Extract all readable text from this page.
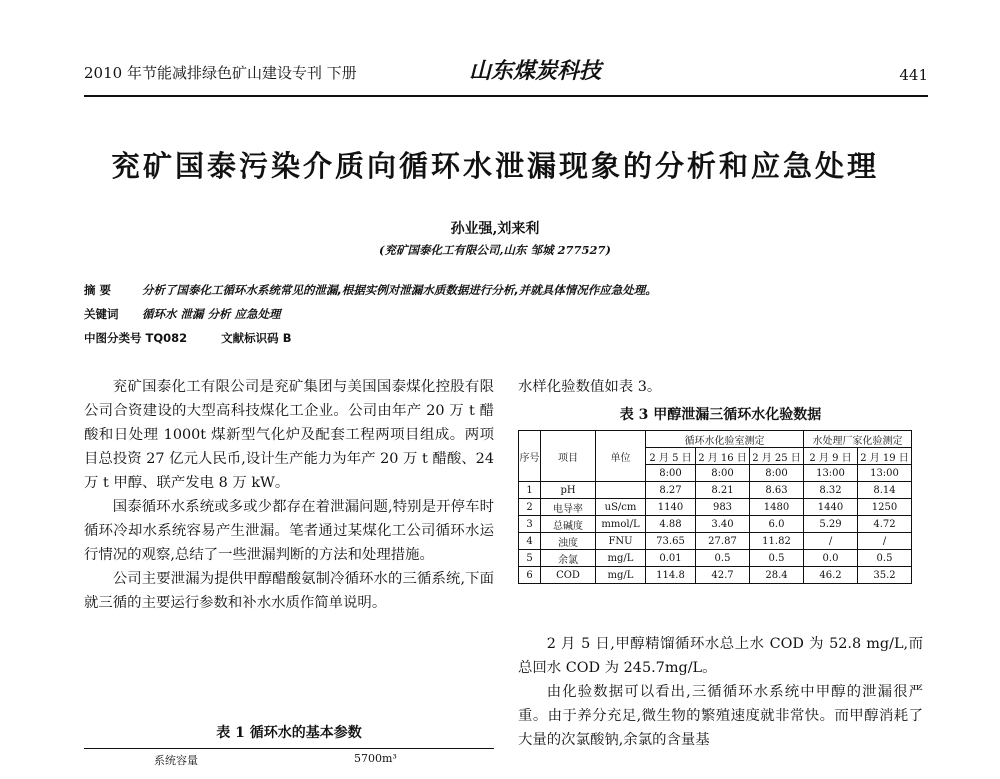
2010 年节能减排绿色矿山建设专刊 下册	山东煤炭科技	441
兖矿国泰污染介质向循环水泄漏现象的分析和应急处理
孙业强,刘来利
(兖矿国泰化工有限公司,山东 邹城 277527)
摘 要	分析了国泰化工循环水系统常见的泄漏,根据实例对泄漏水质数据进行分析,并就具体情况作应急处理。
关键词 循环水 泄漏 分析 应急处理
中图分类号 TQ082	文献标识码 B

兖矿国泰化工有限公司是兖矿集团与美国国泰煤化控股有限公司合资建设的大型高科技煤化工企业。公司由年产 20 万 t 醋酸和日处理 1000t 煤新型气化炉及配套工程两项目组成。两项目总投资 27 亿元人民币,设计生产能力为年产 20 万 t 醋酸、24 万 t 甲醇、联产发电 8 万 kW。

国泰循环水系统或多或少都存在着泄漏问题,特别是开停车时循环冷却水系统容易产生泄漏。笔者通过某煤化工公司循环水运行情况的观察,总结了一些泄漏判断的方法和处理措施。

公司主要泄漏为提供甲醇醋酸氨制冷循环水的三循系统,下面就三循的主要运行参数和补水水质作简单说明。

表 1 循环水的基本参数
系统容量	5700m³
水样化验数值如表 3。
表 3 甲醇泄漏三循环水化验数据
序号	项目	单位	循环水化验室测定			水处理厂家化验测定	
			2 月 5 日	2 月 16 日	2 月 25 日	2 月 9 日	2 月 19 日
			8:00	8:00	8:00	13:00	13:00
1	pH		8.27	8.21	8.63	8.32	8.14
2	电导率	uS/cm	1140	983	1480	1440	1250
3	总碱度	mmol/L	4.88	3.40	6.0	5.29	4.72
4	浊度	FNU	73.65	27.87	11.82	/	/
5	余氯	mg/L	0.01	0.5	0.5	0.0	0.5
6	COD	mg/L	114.8	42.7	28.4	46.2	35.2

2 月 5 日,甲醇精馏循环水总上水 COD 为 52.8 mg/L,而总回水 COD 为 245.7mg/L。

由化验数据可以看出,三循循环水系统中甲醇的泄漏很严重。由于养分充足,微生物的繁殖速度就非常快。而甲醇消耗了大量的次氯酸钠,余氯的含量基
